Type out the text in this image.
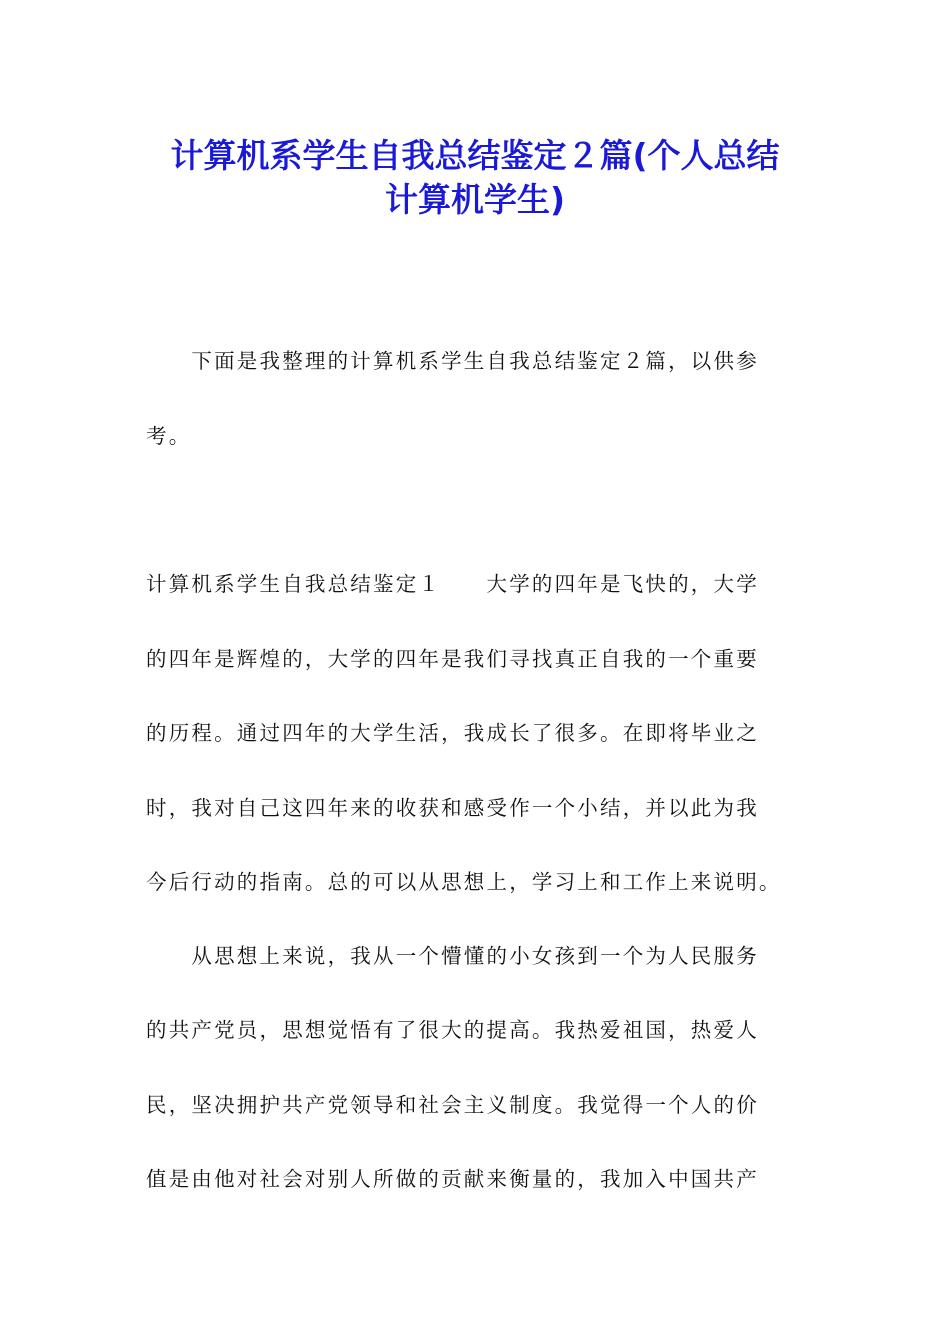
计算机系学生自我总结鉴定２篇(个人总结
计算机学生)

　　下面是我整理的计算机系学生自我总结鉴定２篇，以供参

考。

计算机系学生自我总结鉴定１　　大学的四年是飞快的，大学

的四年是辉煌的，大学的四年是我们寻找真正自我的一个重要

的历程。通过四年的大学生活，我成长了很多。在即将毕业之

时，我对自己这四年来的收获和感受作一个小结，并以此为我

今后行动的指南。总的可以从思想上，学习上和工作上来说明。

　　从思想上来说，我从一个懵懂的小女孩到一个为人民服务

的共产党员，思想觉悟有了很大的提高。我热爱祖国，热爱人

民，坚决拥护共产党领导和社会主义制度。我觉得一个人的价

值是由他对社会对别人所做的贡献来衡量的，我加入中国共产
